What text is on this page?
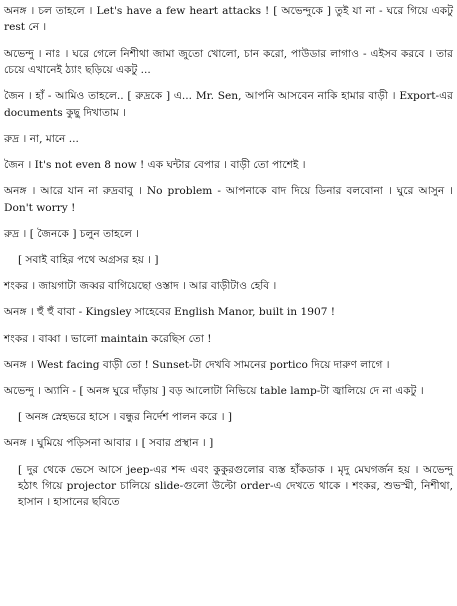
অনঙ্গ । চল তাহলে । Let's have a few heart attacks ! [ অভেন্দুকে ] তুই যা না - ঘরে গিয়ে একটু rest নে ।

অভেন্দু । নাঃ । ঘরে গেলে নিশীথা জামা জুতো খোলো, চান করো, পাউডার লাগাও - এইসব করবে । তার চেয়ে এখানেই ঠ্যাং ছড়িয়ে একটু ...

জৈন । হাঁ - আমিও তাহলে.. [ রুদ্রকে ] এ... Mr. Sen, আপনি আসবেন নাকি হামার বাড়ী । Export-এর documents কুছু দিখাতাম ।

রুদ্র । না, মানে ...

জৈন । It's not even 8 now ! এক ঘন্টার বেপার । বাড়ী তো পাশেই ।

অনঙ্গ । আরে যান না রুদ্রবাবু । No problem - আপনাকে বাদ দিয়ে ডিনার বলবোনা । ঘুরে আসুন । Don't worry !

রুদ্র । [ জৈনকে ] চলুন তাহলে ।

[ সবাই বাহির পথে অগ্রসর হয় । ]

শংকর । জায়গাটা জব্বর বাগিয়েছো ওস্তাদ । আর বাড়ীটাও হেবি ।

অনঙ্গ । হুঁ হুঁ বাবা - Kingsley সাহেবের English Manor, built in 1907 !

শংকর । বাব্বা । ভালো maintain করেছিস তো !

অনঙ্গ । West facing বাড়ী তো ! Sunset-টা দেখবি সামনের portico দিয়ে দারুণ লাগে ।

অভেন্দু । অ্যানি - [ অনঙ্গ ঘুরে দাঁড়ায় ] বড় আলোটা নিভিয়ে table lamp-টা জ্বালিয়ে দে না একটু ।

[ অনঙ্গ স্নেহভরে হাসে । বন্ধুর নির্দেশ পালন করে । ]

অনঙ্গ । ঘুমিয়ে পড়িসনা আবার । [ সবার প্রস্থান । ]

[ দুর থেকে ভেসে আসে jeep-এর শব্দ এবং কুকুরগুলোর ব্যস্ত হাঁকডাক । মৃদু মেঘগর্জন হয় । অভেন্দু হঠাৎ গিয়ে projector চালিয়ে slide-গুলো উল্টো order-এ দেখতে থাকে । শংকর, শুভস্মী, নিশীথা, হাসান । হাসানের ছবিতে
